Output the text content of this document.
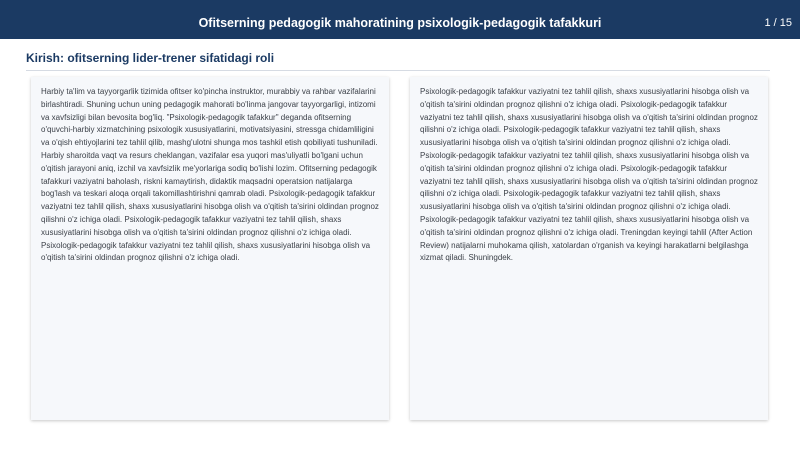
Ofitserning pedagogik mahoratining psixologik-pedagogik tafakkuri	1 / 15
Kirish: ofitserning lider-trener sifatidagi roli

Harbiy ta'lim va tayyorgarlik tizimida ofitser ko'pincha instruktor, murabbiy va rahbar vazifalarini birlashtiradi. Shuning uchun uning pedagogik mahorati bo'linma jangovar tayyorgarligi, intizomi va xavfsizligi bilan bevosita bog'liq. "Psixologik-pedagogik tafakkur" deganda ofitserning o'quvchi-harbiy xizmatchining psixologik xususiyatlarini, motivatsiyasini, stressga chidamliligini va o'qish ehtiyojlarini tez tahlil qilib, mashg'ulotni shunga mos tashkil etish qobiliyati tushuniladi. Harbiy sharoitda vaqt va resurs cheklangan, vazifalar esa yuqori mas'uliyatli bo'lgani uchun o'qitish jarayoni aniq, izchil va xavfsizlik me'yorlariga sodiq bo'lishi lozim. Ofitserning pedagogik tafakkuri vaziyatni baholash, riskni kamaytirish, didaktik maqsadni operatsion natijalarga bog'lash va teskari aloqa orqali takomillashtirishni qamrab oladi. Psixologik-pedagogik tafakkur vaziyatni tez tahlil qilish, shaxs xususiyatlarini hisobga olish va o'qitish ta'sirini oldindan prognoz qilishni o'z ichiga oladi. Psixologik-pedagogik tafakkur vaziyatni tez tahlil qilish, shaxs xususiyatlarini hisobga olish va o'qitish ta'sirini oldindan prognoz qilishni o'z ichiga oladi. Psixologik-pedagogik tafakkur vaziyatni tez tahlil qilish, shaxs xususiyatlarini hisobga olish va o'qitish ta'sirini oldindan prognoz qilishni o'z ichiga oladi.

Psixologik-pedagogik tafakkur vaziyatni tez tahlil qilish, shaxs xususiyatlarini hisobga olish va o'qitish ta'sirini oldindan prognoz qilishni o'z ichiga oladi. Psixologik-pedagogik tafakkur vaziyatni tez tahlil qilish, shaxs xususiyatlarini hisobga olish va o'qitish ta'sirini oldindan prognoz qilishni o'z ichiga oladi. Psixologik-pedagogik tafakkur vaziyatni tez tahlil qilish, shaxs xususiyatlarini hisobga olish va o'qitish ta'sirini oldindan prognoz qilishni o'z ichiga oladi. Psixologik-pedagogik tafakkur vaziyatni tez tahlil qilish, shaxs xususiyatlarini hisobga olish va o'qitish ta'sirini oldindan prognoz qilishni o'z ichiga oladi. Psixologik-pedagogik tafakkur vaziyatni tez tahlil qilish, shaxs xususiyatlarini hisobga olish va o'qitish ta'sirini oldindan prognoz qilishni o'z ichiga oladi. Psixologik-pedagogik tafakkur vaziyatni tez tahlil qilish, shaxs xususiyatlarini hisobga olish va o'qitish ta'sirini oldindan prognoz qilishni o'z ichiga oladi. Psixologik-pedagogik tafakkur vaziyatni tez tahlil qilish, shaxs xususiyatlarini hisobga olish va o'qitish ta'sirini oldindan prognoz qilishni o'z ichiga oladi. Treningdan keyingi tahlil (After Action Review) natijalarni muhokama qilish, xatolardan o'rganish va keyingi harakatlarni belgilashga xizmat qiladi. Shuningdek.
